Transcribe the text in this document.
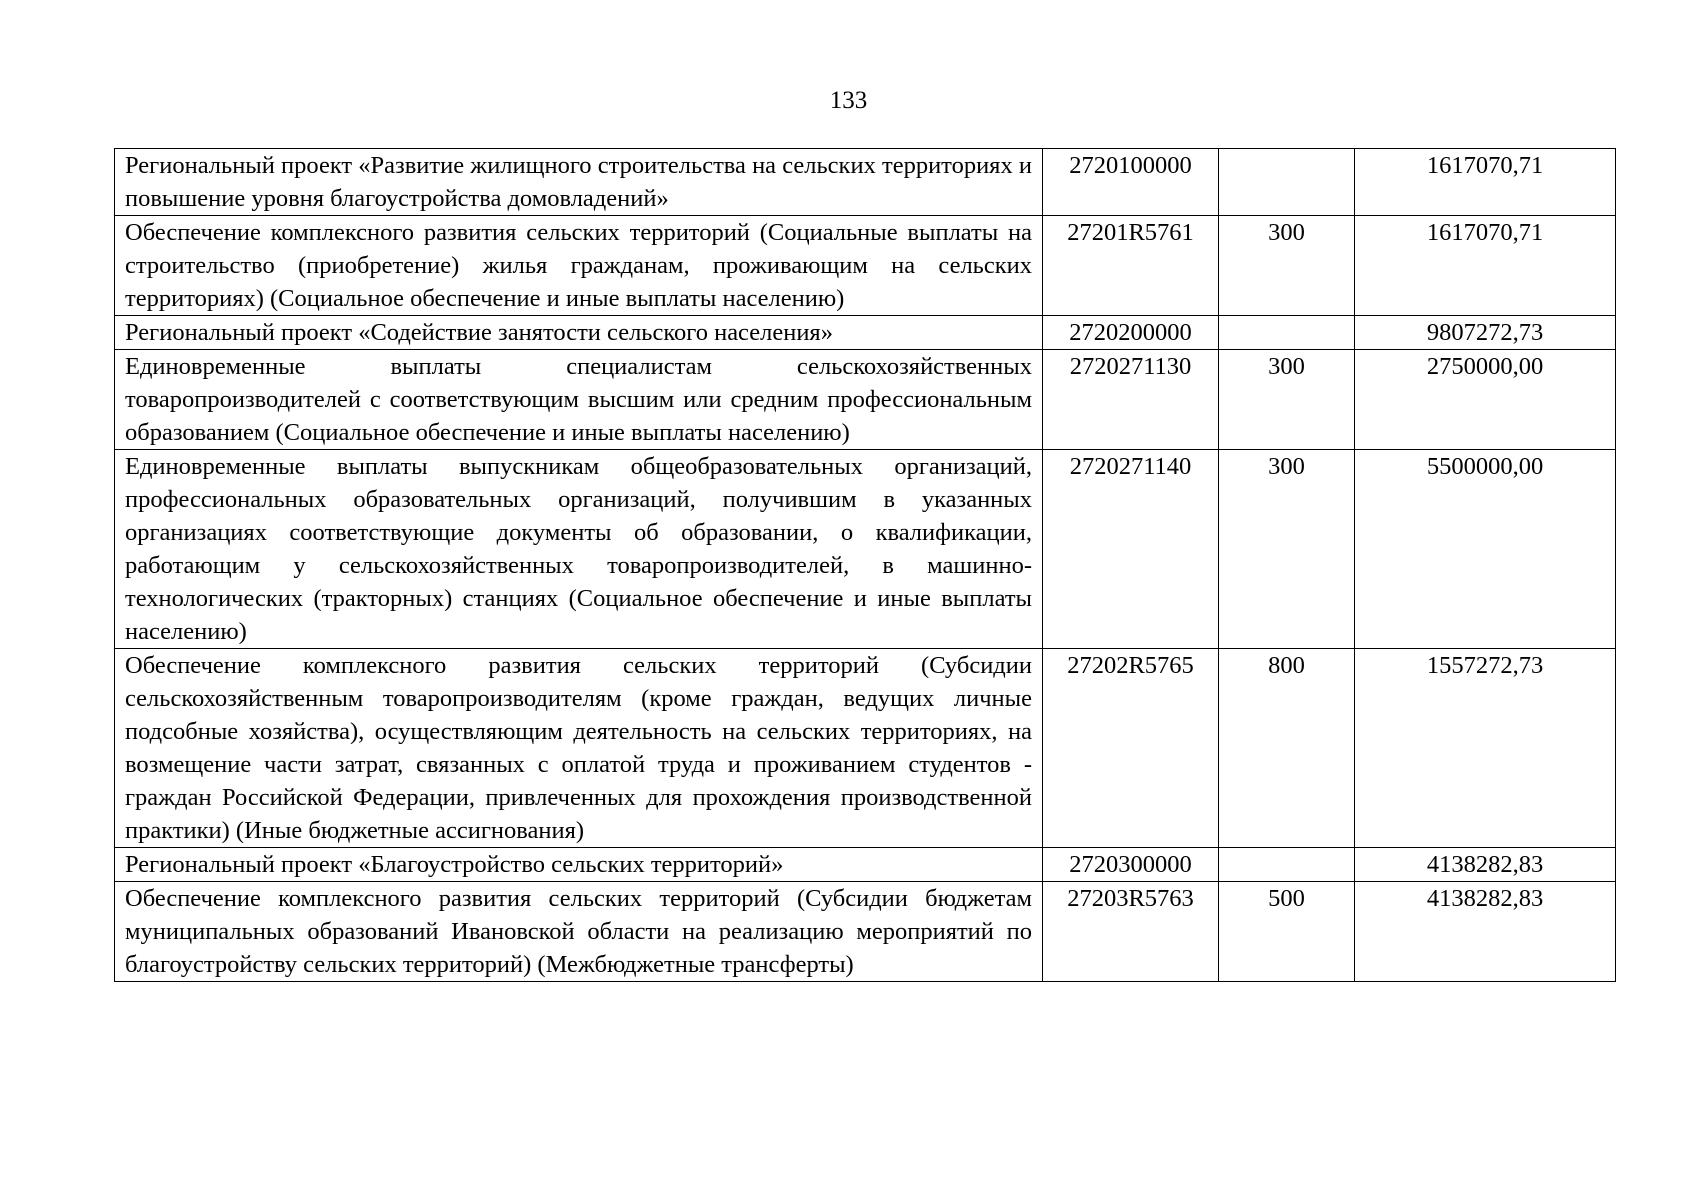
133
Региональный проект «Развитие жилищного строительства на сельских территориях и повышение уровня благоустройства домовладений»	2720100000		1617070,71
Обеспечение комплексного развития сельских территорий (Социальные выплаты на строительство (приобретение) жилья гражданам, проживающим на сельских территориях) (Социальное обеспечение и иные выплаты населению)	27201R5761	300	1617070,71
Региональный проект «Содействие занятости сельского населения»	2720200000		9807272,73
Единовременные выплаты специалистам сельскохозяйственных товаропроизводителей с соответствующим высшим или средним профессиональным образованием (Социальное обеспечение и иные выплаты населению)	2720271130	300	2750000,00
Единовременные выплаты выпускникам общеобразовательных организаций, профессиональных образовательных организаций, получившим в указанных организациях соответствующие документы об образовании, о квалификации, работающим у сельскохозяйственных товаропроизводителей, в машинно-технологических (тракторных) станциях (Социальное обеспечение и иные выплаты населению)	2720271140	300	5500000,00
Обеспечение комплексного развития сельских территорий (Субсидии сельскохозяйственным товаропроизводителям (кроме граждан, ведущих личные подсобные хозяйства), осуществляющим деятельность на сельских территориях, на возмещение части затрат, связанных с оплатой труда и проживанием студентов - граждан Российской Федерации, привлеченных для прохождения производственной практики) (Иные бюджетные ассигнования)	27202R5765	800	1557272,73
Региональный проект «Благоустройство сельских территорий»	2720300000		4138282,83
Обеспечение комплексного развития сельских территорий (Субсидии бюджетам муниципальных образований Ивановской области на реализацию мероприятий по благоустройству сельских территорий) (Межбюджетные трансферты)	27203R5763	500	4138282,83
